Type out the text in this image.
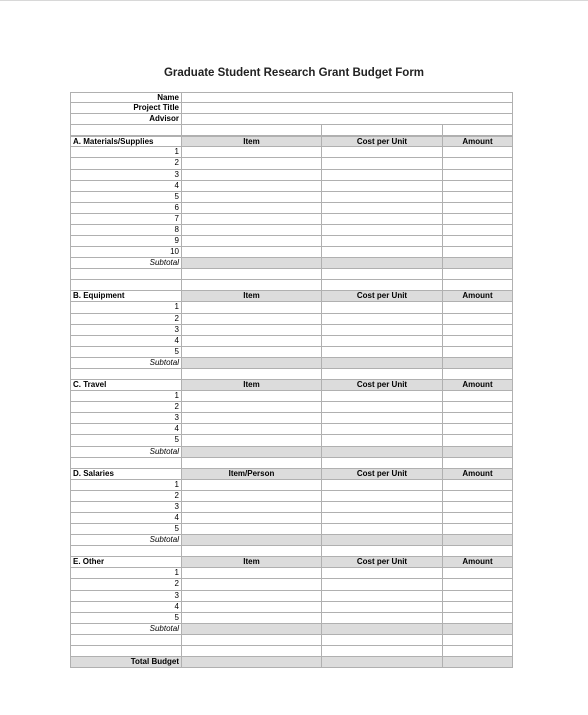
Graduate Student Research Grant Budget Form
Name
Project Title
Advisor
A. Materials/Supplies	Item	Cost per Unit	Amount
1
2
3
4
5
6
7
8
9
10
Subtotal
B. Equipment	Item	Cost per Unit	Amount
1
2
3
4
5
Subtotal
C. Travel	Item	Cost per Unit	Amount
1
2
3
4
5
Subtotal
D. Salaries	Item/Person	Cost per Unit	Amount
1
2
3
4
5
Subtotal
E. Other	Item	Cost per Unit	Amount
1
2
3
4
5
Subtotal
Total Budget
